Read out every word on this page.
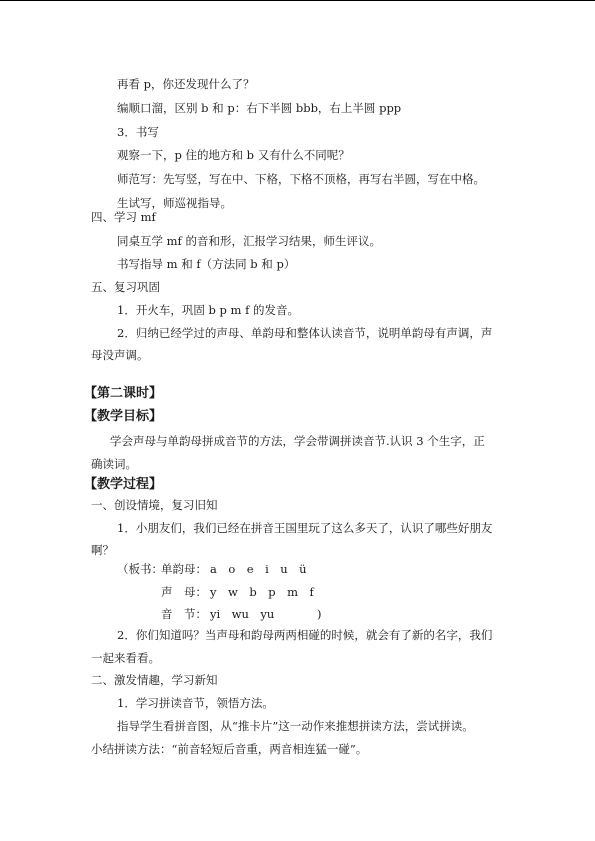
再看 p，你还发现什么了？
编顺口溜，区别 b 和 p：右下半圆 bbb，右上半圆 ppp
3．书写
观察一下，p 住的地方和 b 又有什么不同呢？
师范写：先写竖，写在中、下格，下格不顶格，再写右半圆，写在中格。
生试写，师巡视指导。
四、学习 mf
同桌互学 mf 的音和形，汇报学习结果，师生评议。
书写指导 m 和 f（方法同 b 和 p）
五、复习巩固
1．开火车，巩固 b p m f 的发音。
2．归纳已经学过的声母、单韵母和整体认读音节，说明单韵母有声调，声
母没声调。
【第二课时】
【教学目标】
学会声母与单韵母拼成音节的方法，学会带调拼读音节.认识 3 个生字，正
确读词。
【教学过程】
一、创设情境，复习旧知
1．小朋友们，我们已经在拼音王国里玩了这么多天了，认识了哪些好朋友
啊？
（板书：
单韵母： a　o　e　i　u　ü
声　母： y　w　b　p　m　f
音　节： yi　wu　yu	)
2．你们知道吗？当声母和韵母两两相碰的时候，就会有了新的名字，我们
一起来看看。
二、激发情趣，学习新知
1．学习拼读音节，领悟方法。
指导学生看拼音图，从“推卡片”这一动作来推想拼读方法，尝试拼读。
小结拼读方法：“前音轻短后音重，两音相连猛一碰”。
